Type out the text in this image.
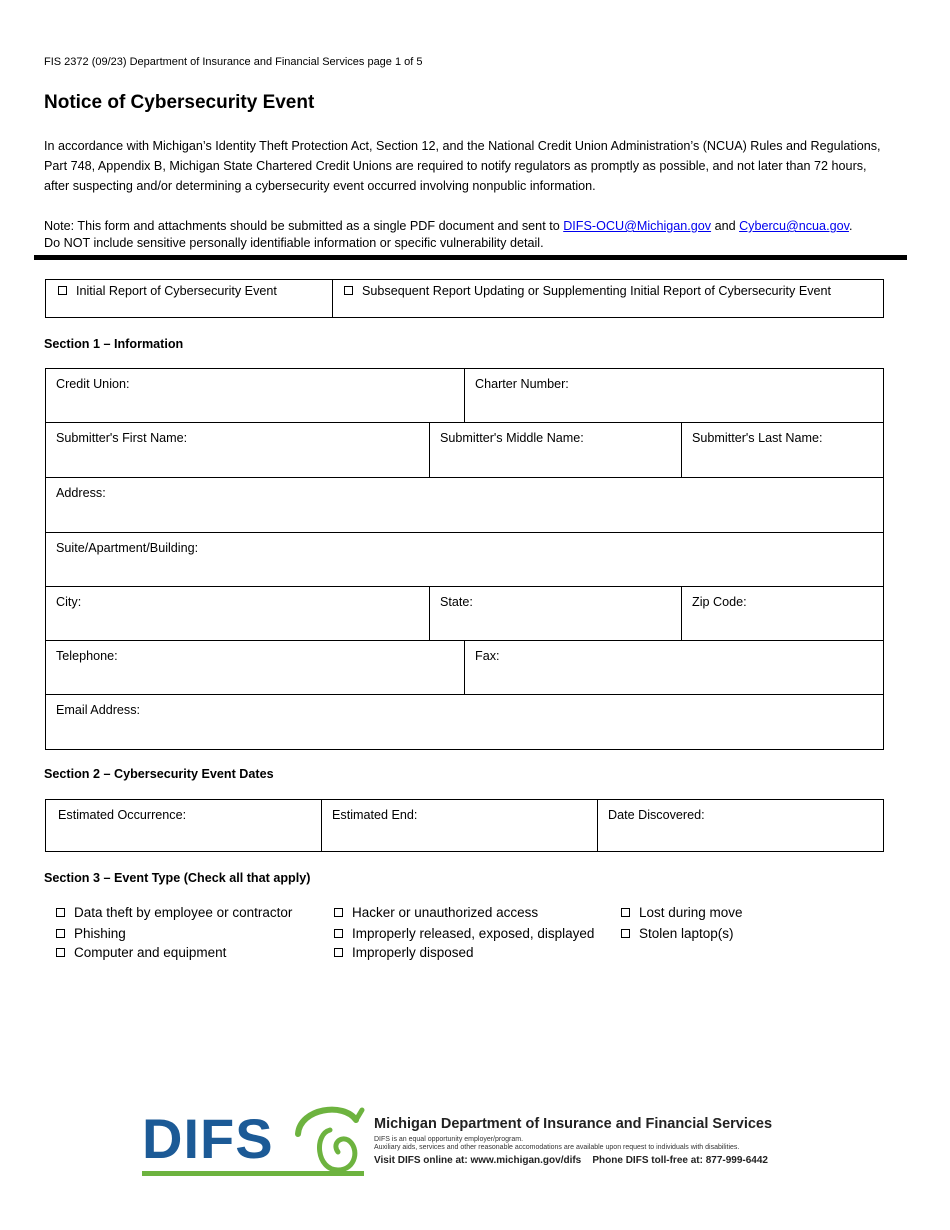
FIS 2372 (09/23) Department of Insurance and Financial Services page 1 of 5
Notice of Cybersecurity Event

In accordance with Michigan’s Identity Theft Protection Act, Section 12, and the National Credit Union Administration’s (NCUA) Rules and Regulations, Part 748, Appendix B, Michigan State Chartered Credit Unions are required to notify regulators as promptly as possible, and not later than 72 hours, after suspecting and/or determining a cybersecurity event occurred involving nonpublic information.

Note: This form and attachments should be submitted as a single PDF document and sent to DIFS-OCU@Michigan.gov and Cybercu@ncua.gov.
Do NOT include sensitive personally identifiable information or specific vulnerability detail.

Initial Report of Cybersecurity Event	Subsequent Report Updating or Supplementing Initial Report of Cybersecurity Event
Section 1 – Information
Credit Union:	Charter Number:
Submitter's First Name:	Submitter's Middle Name:	Submitter's Last Name:
Address:
Suite/Apartment/Building:
City:	State:	Zip Code:
Telephone:	Fax:
Email Address:
Section 2 – Cybersecurity Event Dates
Estimated Occurrence:	Estimated End:	Date Discovered:
Section 3 – Event Type (Check all that apply)
Data theft by employee or contractor
Phishing
Computer and equipment
Hacker or unauthorized access
Improperly released, exposed, displayed
Improperly disposed
Lost during move
Stolen laptop(s)
DIFS	Michigan Department of Insurance and Financial Services
DIFS is an equal opportunity employer/program.
Auxiliary aids, services and other reasonable accomodations are available upon request to individuals with disabilities.
Visit DIFS online at: www.michigan.gov/difs Phone DIFS toll-free at: 877-999-6442
